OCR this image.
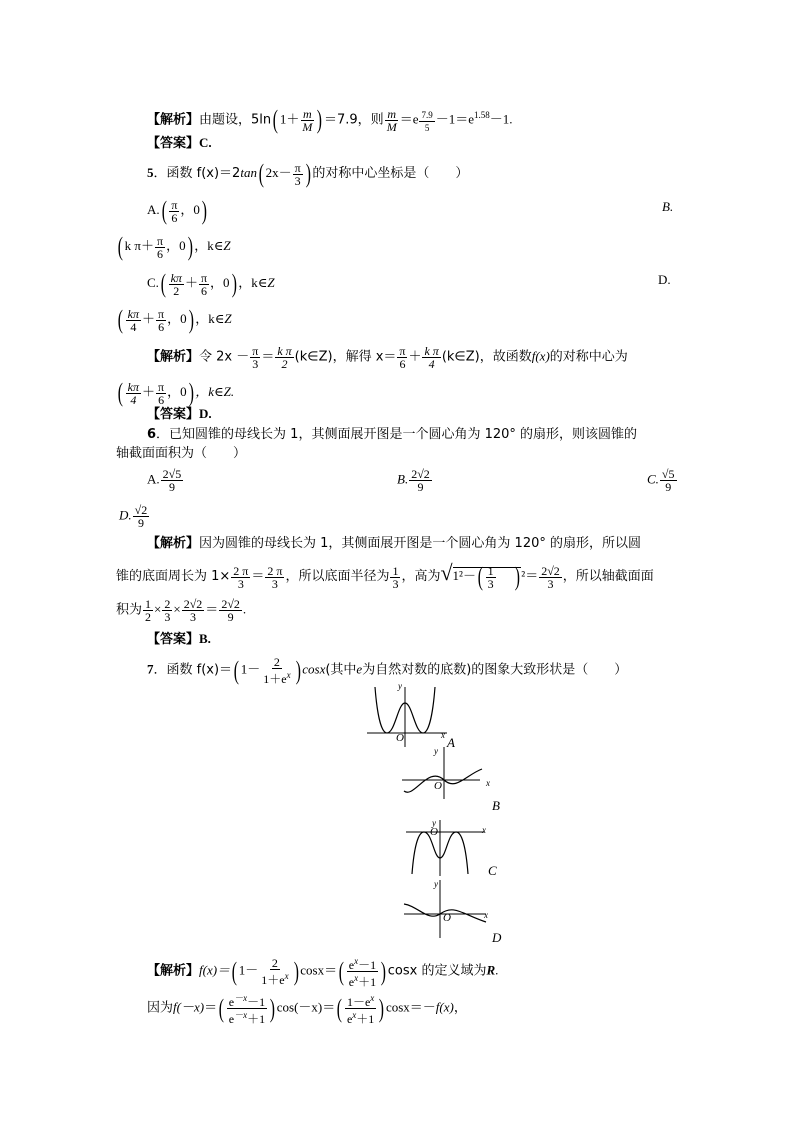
【解析】由题设，5ln( $1+ \frac{m}{M}$ ) ＝7.9，则 $\frac{m}{M} =e \frac{7.9}{5} -1=e^{1.58}-1$.
【答案】C.
5．函数 f(x)＝2tan( $2x- \frac{\pi}{3}$ ) 的对称中心坐标是（　　）
$A.( \frac{\pi}{6}$ ，0)	B.
( k $\pi+ \frac{\pi}{6}$ ，0) ，k∈Z
$C.( \frac{k\pi}{2} + \frac{\pi}{6}$ ，0) ，k∈Z	D.
( $\frac{k\pi}{4} + \frac{\pi}{6}$ ，0) ，k∈Z
【解析】令 $2x - \frac{\pi}{3} = \frac{\text{k π}}{2}$ (k∈Z)，解得 $x= \frac{\pi}{6} + \frac{\text{k π}}{4}$ (k∈Z)，故函数f(x)的对称中心为
( $\frac{k\pi}{4} + \frac{\pi}{6}$ ，0) ，k∈Z.
【答案】D.
6．已知圆锥的母线长为 1，其侧面展开图是一个圆心角为 120° 的扇形，则该圆锥的
轴截面面积为（　　）
A. $\frac{2√5}{9}$	B. $\frac{2√2}{9}$	C. $\frac{√5}{9}$
D. $\frac{√2}{9}$
【解析】因为圆锥的母线长为 1，其侧面展开图是一个圆心角为 120° 的扇形，所以圆
锥的底面周长为 $1\times \frac{2 \pi}{3} = \frac{2 \pi}{3}$ ，所以底面半径为 $\frac{1}{3}$ ，高为$√1^2-( \frac{1}{3}$ ) $^2= \frac{2√2}{3}$ ，所以轴截面面
积为 $\frac{1}{2} \times \frac{2}{3} \times \frac{2√2}{3} = \frac{2√2}{9}$ .
【答案】B.
7．函数 f(x)＝( $1- \frac{2}{1+e^x}$ ) cosx(其中e为自然对数的底数)的图象大致形状是（　　）
y
x
O	A
y
x
O
B
y
x
O
C
y
x
O
D
【解析】f(x)＝( $1- \frac{2}{1+e^x}$ ) $\cos x=( \frac{e^x-1}{e^x+1}$ ) cosx 的定义域为R.
因为$f(-x)=( \frac{e^{-x}-1}{e^{-x}+1}$ ) $\cos(-x)=( \frac{1-e^x}{e^x+1}$ ) cosx＝－f(x)，
